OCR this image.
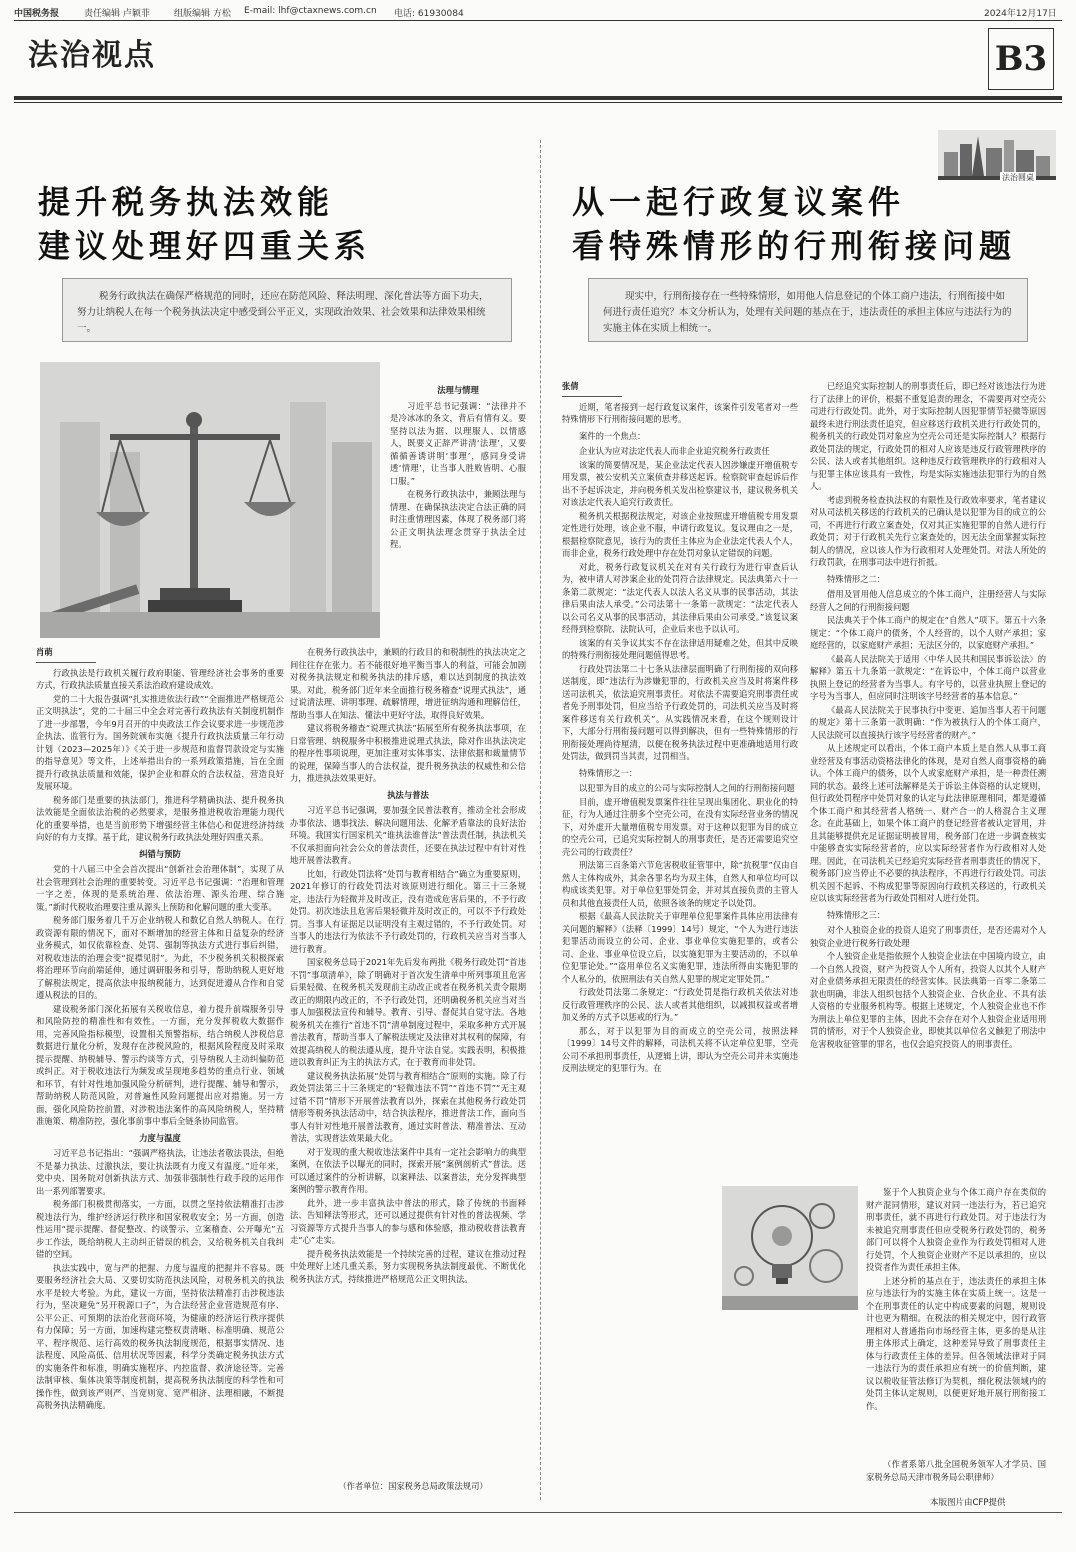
中国税务报	责任编辑 卢颖菲	组版编辑 方松 E-mail: lhf@ctaxnews.com.cn 电话: 61930084	2024年12月17日
法治视点	B3
提升税务执法效能
建议处理好四重关系
从一起行政复议案件
看特殊情形的行刑衔接问题
法治圆桌
税务行政执法在确保严格规范的同时，还应在防范风险、释法明理、深化普法等方面下功夫，努力让纳税人在每一个税务执法决定中感受到公平正义，实现政治效果、社会效果和法律效果相统一。
现实中，行刑衔接存在一些特殊情形，如用他人信息登记的个体工商户违法，行刑衔接中如何进行责任追究？本文分析认为，处理有关问题的基点在于，违法责任的承担主体应与违法行为的实施主体在实质上相统一。

肖萌

行政执法是行政机关履行政府职能、管理经济社会事务的重要方式，行政执法质量直接关系法治政府建设成效。

党的二十大报告强调“扎实推进依法行政”“全面推进严格规范公正文明执法”，党的二十届三中全会对完善行政执法有关制度机制作了进一步部署，今年9月召开的中央政法工作会议要求进一步规范涉企执法、监管行为。国务院颁布实施《提升行政执法质量三年行动计划（2023—2025年）》《关于进一步规范和监督罚款设定与实施的指导意见》等文件，上述举措出台的一系列政策措施，旨在全面提升行政执法质量和效能，保护企业和群众的合法权益，营造良好发展环境。

税务部门是重要的执法部门，推进科学精确执法、提升税务执法效能是全面依法治税的必然要求，是服务推进税收治理能力现代化的重要举措，也是当前形势下增强经营主体信心和促进经济持续向好的有力支撑。基于此，建议税务行政执法处理好四重关系。

纠错与预防

党的十八届三中全会首次提出“创新社会治理体制”，实现了从社会管理到社会治理的重要转变。习近平总书记强调：“治理和管理一字之差，体现的是系统治理、依法治理、源头治理、综合施策。”新时代税收治理要注重从源头上预防和化解问题的重大变革。

税务部门服务着几千万企业纳税人和数亿自然人纳税人。在行政资源有限的情况下，面对不断增加的经营主体和日益复杂的经济业务模式，如仅依靠检查、处罚、强制等执法方式进行事后纠错，对税收违法的治理会变“捉襟见肘”。为此，不少税务机关积极探索将治理环节向前端延伸，通过调研服务和引导，帮助纳税人更好地了解税法规定，提高依法申报纳税能力，达到促进遵从合作和自觉遵从税法的目的。

建设税务部门深化拓展有关税收信息，着力提升前端服务引导和风险防控的精准性和有效性。一方面，充分发挥税收大数据作用，完善风险指标模型，设置相关预警指标，结合纳税人涉税信息数据进行量化分析，发现存在涉税风险的，根据风险程度及时采取提示提醒、纳税辅导、警示约谈等方式，引导纳税人主动纠偏防范或纠正。对于税收违法行为频发或呈现地多趋势的重点行业、领域和环节，有针对性地加强风险分析研判，进行提醒、辅导和警示，帮助纳税人防范风险，对普遍性风险问题提出应对措施。另一方面，强化风险防控前置，对涉税违法案件的高风险纳税人，坚持精准施策、精准防控，强化事前事中事后全链条协同监管。

力度与温度

习近平总书记指出：“强调严格执法，让违法者敬法畏法，但绝不是暴力执法、过激执法，要让执法既有力度又有温度。”近年来，党中央、国务院对创新执法方式、加强非强制性行政手段的运用作出一系列部署要求。

税务部门积极贯彻落实，一方面，以贯之坚持依法精准打击涉税违法行为，维护经济运行秩序和国家税收安全；另一方面，创造性运用“提示提醒、督促整改、约谈警示、立案稽查、公开曝光”五步工作法，既给纳税人主动纠正错误的机会，又给税务机关自我纠错的空间。

执法实践中，宽与严的把握、力度与温度的把握并不容易。既要服务经济社会大局、又要切实防范执法风险，对税务机关的执法水平是较大考验。为此，建议一方面，坚持依法精准打击涉税违法行为，坚决避免“另开税源口子”，为合法经营企业营造规范有序、公平公正、可预期的法治化营商环境，为健康的经济运行秩序提供有力保障；另一方面，加速构建完整权责清晰、标准明确、规范公平、程序规范、运行高效的税务执法制度规范，根据事实情况、违法程度、风险高低、信用状况等因素，科学分类确定税务执法方式的实施条件和标准，明确实施程序、内控监督、救济途径等。完善法制审核、集体决策等制度机制，提高税务执法制度的科学性和可操作性，做到该严则严、当宽则宽、宽严相济、法理相融，不断提高税务执法精确度。

法理与情理

习近平总书记强调：“法律并不是冷冰冰的条文，背后有情有义。要坚持以法为据、以理服人、以情感人，既要义正辞严讲清‘法理’，又要循循善诱讲明‘事理’，感同身受讲透‘情理’，让当事人胜败皆明、心服口服。”

在税务行政执法中，兼顾法理与情理、在确保执法决定合法正确的同时注重情理因素，体现了税务部门将公正文明执法理念贯穿于执法全过程。

在税务行政执法中，兼顾的行政目的和税制性的执法决定之间往往存在张力。若不能很好地平衡当事人的利益，可能会加剧对税务执法规定和税务执法的排斥感，难以达到制度的执法效果。对此，税务部门近年来全面推行税务稽查“说理式执法”，通过说清法理、讲明事理、疏解情理，增进征纳沟通和理解信任，帮助当事人在知法、懂法中更好守法，取得良好效果。

建议将税务稽查“说理式执法”拓展至所有税务执法事项，在日常管理、纳税服务中积极推进说理式执法，除对作出执法决定的程序性事项说理，更加注重对实体事实、法律依据和裁量情节的说理，保障当事人的合法权益，提升税务执法的权威性和公信力，推进执法效果更好。

执法与普法

习近平总书记强调，要加强全民普法教育，推动全社会形成办事依法、遇事找法、解决问题用法、化解矛盾靠法的良好法治环境。我国实行国家机关“谁执法谁普法”普法责任制，执法机关不仅承担面向社会公众的普法责任，还要在执法过程中有针对性地开展普法教育。

比如，行政处罚法将“处罚与教育相结合”确立为重要原则，2021年修订的行政处罚法对该原则进行细化。第三十三条规定，违法行为轻微并及时改正，没有造成危害后果的，不予行政处罚。初次违法且危害后果轻微并及时改正的，可以不予行政处罚。当事人有证据足以证明没有主观过错的，不予行政处罚。对当事人的违法行为依法不予行政处罚的，行政机关应当对当事人进行教育。

国家税务总局于2021年先后发布两批《税务行政处罚“首违不罚”事项清单》，除了明确对于首次发生清单中所列事项且危害后果轻微、在税务机关发现前主动改正或者在税务机关责令限期改正的期限内改正的，不予行政处罚，还明确税务机关应当对当事人加强税法宣传和辅导。教育、引导、督促其自觉守法。各地税务机关在推行“首违不罚”清单制度过程中，采取多种方式开展普法教育，帮助当事人了解税法规定及法律对其权利的保障，有效提高纳税人的税法遵从度，提升守法自觉。实践表明，积极推进以教育纠正为主的执法方式，在于教育而非处罚。

建议税务执法拓展“处罚与教育相结合”原则的实施。除了行政处罚法第三十三条规定的“轻微违法不罚”“首违不罚”“无主观过错不罚”情形下开展普法教育以外，探索在其他税务行政处罚情形等税务执法活动中，结合执法程序，推进普法工作，面向当事人有针对性地开展普法教育，通过实时普法、精准普法、互动普法，实现普法效果最大化。

对于发现的重大税收违法案件中具有一定社会影响力的典型案例，在依法予以曝光的同时，探索开展“案例剖析式”普法。送可以通过案件的分析讲解，以案释法、以案普法，充分发挥典型案例的警示教育作用。

此外，进一步丰富执法中普法的形式，除了传统的书面释法、告知释法等形式，还可以通过提供有针对性的普法视频、学习资源等方式提升当事人的参与感和体验感，推动税收普法教育走“心”走实。

提升税务执法效能是一个持续完善的过程，建议在推动过程中处理好上述几重关系，努力实现税务执法制度最优、不断优化税务执法方式，持续推进严格规范公正文明执法。

（作者单位：国家税务总局政策法规司）

张倩

近期，笔者接到一起行政复议案件，该案件引发笔者对一些特殊情形下行刑衔接问题的思考。

案件的一个焦点：

企业认为应对法定代表人而非企业追究税务行政责任

该案的简要情况是，某企业法定代表人因涉嫌虚开增值税专用发票，被公安机关立案侦查并移送起诉。检察院审查起诉后作出不予起诉决定，并向税务机关发出检察建议书，建议税务机关对该法定代表人追究行政责任。

税务机关根据税法规定，对该企业按照虚开增值税专用发票定性进行处理，该企业不服，申请行政复议。复议理由之一是，根据检察院意见，该行为的责任主体应为企业法定代表人个人，而非企业，税务行政处理中存在处罚对象认定错误的问题。

对此，税务行政复议机关在对有关行政行为进行审查后认为，被申请人对涉案企业的处罚符合法律规定。民法典第六十一条第二款规定：“法定代表人以法人名义从事的民事活动，其法律后果由法人承受。”公司法第十一条第一款规定：“法定代表人以公司名义从事的民事活动，其法律后果由公司承受。”该复议案经得到检察院、法院认可，企业后来也予以认可。

该案的有关争议其实不存在法律适用疑难之处，但其中反映的特殊行刑衔接处理问题值得思考。

行政处罚法第二十七条从法律层面明确了行刑衔接的双向移送制度，即“违法行为涉嫌犯罪的，行政机关应当及时将案件移送司法机关，依法追究刑事责任。对依法不需要追究刑事责任或者免予刑事处罚，但应当给予行政处罚的，司法机关应当及时将案件移送有关行政机关”。从实践情况来看，在这个规则设计下，大部分行刑衔接问题可以得到解决，但有一些特殊情形的行刑衔接处理尚待厘清，以便在税务执法过程中更准确地适用行政处罚法，做到罚当其责，过罚相当。

特殊情形之一：

以犯罪为目的成立的公司与实际控制人之间的行刑衔接问题

目前，虚开增值税发票案件往往呈现出集团化、职业化的特征，行为人通过注册多个空壳公司，在没有实际经营业务的情况下，对外虚开大量增值税专用发票。对于这种以犯罪为目的成立的空壳公司，已追究实际控制人的刑事责任，是否还需要追究空壳公司的行政责任？

刑法第三百条第六节危害税收征管罪中，除“抗税罪”仅由自然人主体构成外，其余各罪名均为双主体，自然人和单位均可以构成该类犯罪。对于单位犯罪处罚金，并对其直接负责的主管人员和其他直接责任人员，依照各该条的规定予以处罚。

根据《最高人民法院关于审理单位犯罪案件具体应用法律有关问题的解释》（法释〔1999〕14号）规定，“个人为进行违法犯罪活动而设立的公司、企业、事业单位实施犯罪的，或者公司、企业、事业单位设立后，以实施犯罪为主要活动的，不以单位犯罪论处。”“盗用单位名义实施犯罪，违法所得由实施犯罪的个人私分的，依照刑法有关自然人犯罪的规定定罪处罚。”

行政处罚法第二条规定：“行政处罚是指行政机关依法对违反行政管理秩序的公民、法人或者其他组织，以减损权益或者增加义务的方式予以惩戒的行为。”

那么，对于以犯罪为目的而成立的空壳公司，按照法释〔1999〕14号文件的解释，司法机关将不认定单位犯罪，空壳公司不承担刑事责任，从逻辑上讲，即认为空壳公司并未实施违反刑法规定的犯罪行为。在

已经追究实际控制人的刑事责任后，即已经对该违法行为进行了法律上的评价，根据不重复追责的理念，不需要再对空壳公司进行行政处罚。此外，对于实际控制人因犯罪情节轻微等原因最终未进行刑法责任追究，但应移送行政机关进行行政处罚的，税务机关的行政处罚对象应为空壳公司还是实际控制人？根据行政处罚法的规定，行政处罚的相对人应该是违反行政管理秩序的公民、法人或者其他组织。这种违反行政管理秩序的行政相对人与犯罪主体应该具有一致性，均是实际实施违法犯罪行为的自然人。

考虑到税务检查执法权的有限性及行政效率要求，笔者建议对从司法机关移送的行政机关的已确认是以犯罪为目的成立的公司，不再进行行政立案查处，仅对其正实施犯罪的自然人进行行政处罚；对于行政机关先行立案查处的，因无法全面掌握实际控制人的情况，应以该人作为行政相对人处理处罚。对法人所处的行政罚款，在刑事司法中进行折抵。

特殊情形之二：

借用及冒用他人信息成立的个体工商户，注册经营人与实际经营人之间的行刑衔接问题

民法典关于个体工商户的规定在“自然人”项下。第五十六条规定：“个体工商户的债务，个人经营的，以个人财产承担；家庭经营的，以家庭财产承担；无法区分的，以家庭财产承担。”

《最高人民法院关于适用〈中华人民共和国民事诉讼法〉的解释》第五十九条第一款规定：“在诉讼中，个体工商户以营业执照上登记的经营者为当事人。有字号的，以营业执照上登记的字号为当事人，但应同时注明该字号经营者的基本信息。”

《最高人民法院关于民事执行中变更、追加当事人若干问题的规定》第十三条第一款明确：“作为被执行人的个体工商户，人民法院可以直接执行该字号经营者的财产。”

从上述规定可以看出，个体工商户本质上是自然人从事工商业经营及有事活动资格法律化的体现，是对自然人商事资格的确认。个体工商户的债务，以个人或家庭财产承担，是一种责任溯同的状态。最终上述可法解释是关于诉讼主体资格的认定规则，但行政处罚程序中处罚对象的认定与此法律原理相同，都是遵循个体工商户和其经营者人格统一、财产合一的人格混合主义理念。在此基础上，如果个体工商户的登记经营者被认定冒用，并且其能够提供充足证据证明被冒用，税务部门在进一步调查核实中能够查实实际经营者的，应以实际经营者作为行政相对人处理。因此，在司法机关已经追究实际经营者刑事责任的情况下，税务部门应当停止不必要的执法程序，不再进行行政处罚。司法机关因不起诉、不构成犯罪等原因向行政机关移送的，行政机关应以该实际经营者为行政处罚相对人进行处罚。

特殊情形之三：

对个人独资企业的投资人追究了刑事责任，是否还需对个人独资企业进行税务行政处理

个人独资企业是指依照个人独资企业法在中国境内设立，由一个自然人投资，财产为投资人个人所有，投资人以其个人财产对企业债务承担无限责任的经营实体。民法典第一百零二条第二款也明确，非法人组织包括个人独资企业、合伙企业、不具有法人资格的专业服务机构等。根据上述规定，个人独资企业也不作为刑法上单位犯罪的主体，因此不会存在对个人独资企业适用刑罚的情形，对于个人独资企业，即使其以单位名义触犯了刑法中危害税收征管罪的罪名，也仅会追究投资人的刑事责任。

鉴于个人独资企业与个体工商户存在类似的财产混同情形，建议对同一违法行为，若已追究刑事责任，就不再进行行政处罚。对于违法行为未被追究刑事责任但应受税务行政处罚的，税务部门可以将个人独资企业作为行政处罚相对人进行处罚，个人独资企业财产不足以承担的，应以投资者作为责任承担主体。

上述分析的基点在于，违法责任的承担主体应与违法行为的实施主体在实质上统一。这是一个在刑事责任的认定中构成要素的问题，规则设计也更为精细。在税法的相关规定中，因行政管理相对人普通指向市场经营主体，更多的是从注册主体形式上确定，这种差异导致了刑事责任主体与行政责任主体的差异。但各领域法律对于同一违法行为的责任承担应有统一的价值判断，建议以税收征管法修订为契机，细化税法领域内的处罚主体认定规则，以便更好地开展行刑衔接工作。

（作者系第八批全国税务领军人才学员、国家税务总局天津市税务局公职律师）

本版图片由CFP提供
